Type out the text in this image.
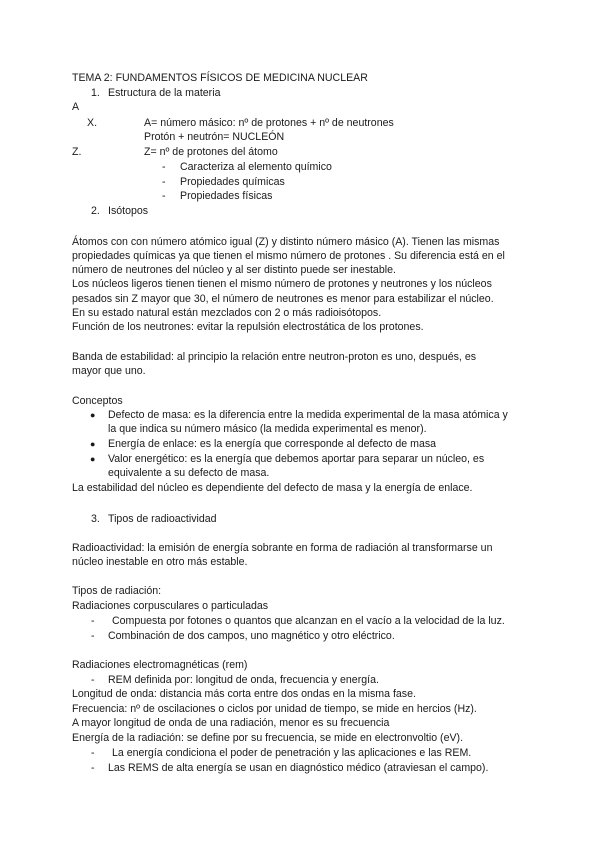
TEMA 2: FUNDAMENTOS FÍSICOS DE MEDICINA NUCLEAR
1. Estructura de la materia
A
X.	A= número másico: nº de protones + nº de neutrones
Protón + neutrón= NUCLEÓN
Z.	Z= nº de protones del átomo
- Caracteriza al elemento químico
- Propiedades químicas
- Propiedades físicas
2. Isótopos
Átomos con con número atómico igual (Z) y distinto número másico (A). Tienen las mismas
propiedades químicas ya que tienen el mismo número de protones . Su diferencia está en el
número de neutrones del núcleo y al ser distinto puede ser inestable.
Los núcleos ligeros tienen tienen el mismo número de protones y neutrones y los núcleos
pesados sin Z mayor que 30, el número de neutrones es menor para estabilizar el núcleo.
En su estado natural están mezclados con 2 o más radioisótopos.
Función de los neutrones: evitar la repulsión electrostática de los protones.
Banda de estabilidad: al principio la relación entre neutron-proton es uno, después, es
mayor que uno.
Conceptos
● Defecto de masa: es la diferencia entre la medida experimental de la masa atómica y
la que indica su número másico (la medida experimental es menor).
● Energía de enlace: es la energía que corresponde al defecto de masa
● Valor energético: es la energía que debemos aportar para separar un núcleo, es
equivalente a su defecto de masa.
La estabilidad del núcleo es dependiente del defecto de masa y la energía de enlace.
3. Tipos de radioactividad
Radioactividad: la emisión de energía sobrante en forma de radiación al transformarse un
núcleo inestable en otro más estable.
Tipos de radiación:
Radiaciones corpusculares o particuladas
- Compuesta por fotones o quantos que alcanzan en el vacío a la velocidad de la luz.
- Combinación de dos campos, uno magnético y otro eléctrico.
Radiaciones electromagnéticas (rem)
- REM definida por: longitud de onda, frecuencia y energía.
Longitud de onda: distancia más corta entre dos ondas en la misma fase.
Frecuencia: nº de oscilaciones o ciclos por unidad de tiempo, se mide en hercios (Hz).
A mayor longitud de onda de una radiación, menor es su frecuencia
Energía de la radiación: se define por su frecuencia, se mide en electronvoltio (eV).
- La energía condiciona el poder de penetración y las aplicaciones e las REM.
- Las REMS de alta energía se usan en diagnóstico médico (atraviesan el campo).
